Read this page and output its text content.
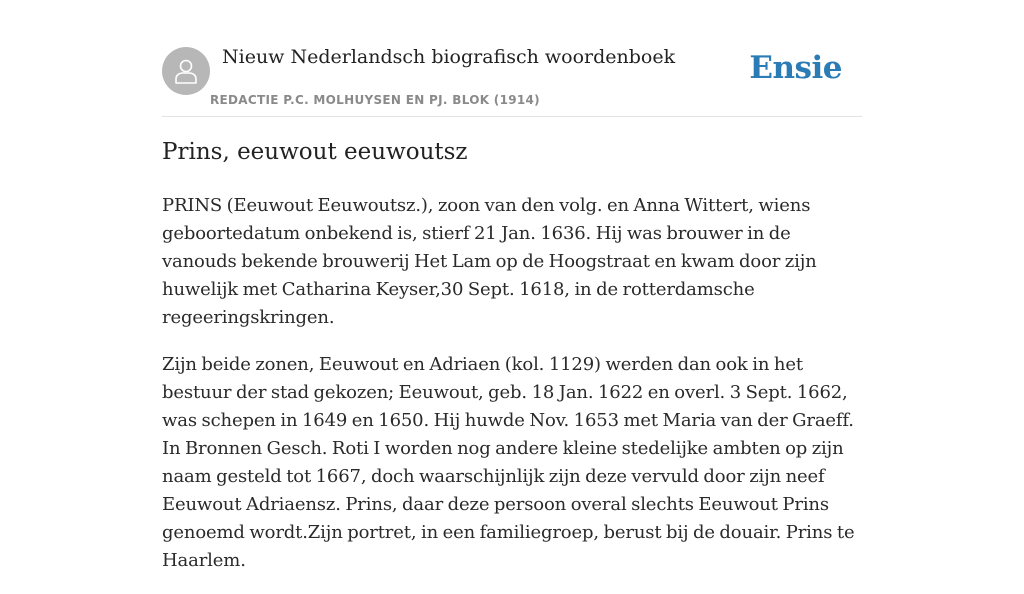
Nieuw Nederlandsch biografisch woordenboek
REDACTIE P.C. MOLHUYSEN EN PJ. BLOK (1914)
Ensie
Prins, eeuwout eeuwoutsz

PRINS (Eeuwout Eeuwoutsz.), zoon van den volg. en Anna Wittert, wiens geboortedatum onbekend is, stierf 21 Jan. 1636. Hij was brouwer in de vanouds bekende brouwerij Het Lam op de Hoogstraat en kwam door zijn huwelijk met Catharina Keyser,30 Sept. 1618, in de rotterdamsche regeeringskringen.

Zijn beide zonen, Eeuwout en Adriaen (kol. 1129) werden dan ook in het bestuur der stad gekozen; Eeuwout, geb. 18 Jan. 1622 en overl. 3 Sept. 1662, was schepen in 1649 en 1650. Hij huwde Nov. 1653 met Maria van der Graeff. In Bronnen Gesch. Roti I worden nog andere kleine stedelijke ambten op zijn naam gesteld tot 1667, doch waarschijnlijk zijn deze vervuld door zijn neef Eeuwout Adriaensz. Prins, daar deze persoon overal slechts Eeuwout Prins genoemd wordt.Zijn portret, in een familiegroep, berust bij de douair. Prins te Haarlem.
